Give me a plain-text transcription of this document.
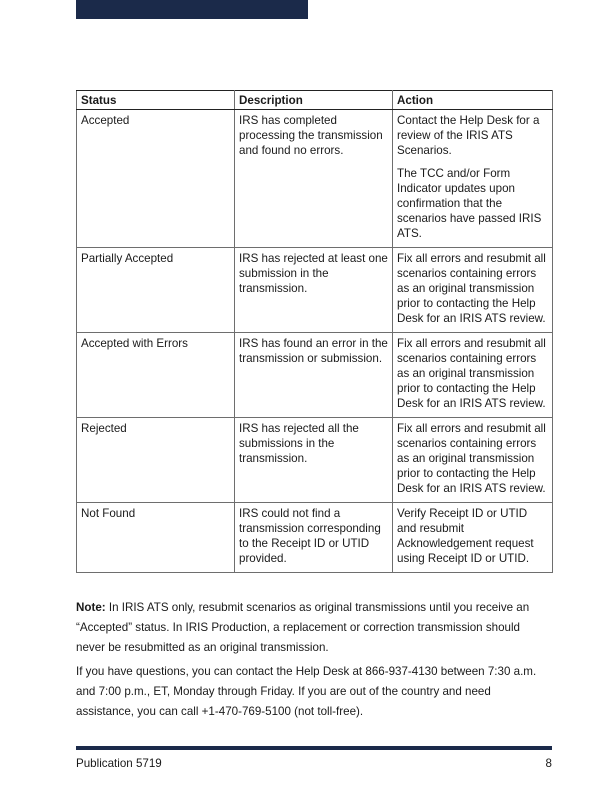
Status	Description	Action
Accepted	IRS has completed processing the transmission and found no errors.	Contact the Help Desk for a review of the IRIS ATS Scenarios.

The TCC and/or Form Indicator updates upon confirmation that the scenarios have passed IRIS ATS.

Partially Accepted	IRS has rejected at least one submission in the transmission.	Fix all errors and resubmit all scenarios containing errors as an original transmission prior to contacting the Help Desk for an IRIS ATS review.

Accepted with Errors	IRS has found an error in the transmission or submission.	Fix all errors and resubmit all scenarios containing errors as an original transmission prior to contacting the Help Desk for an IRIS ATS review.

Rejected	IRS has rejected all the submissions in the transmission.	Fix all errors and resubmit all scenarios containing errors as an original transmission prior to contacting the Help Desk for an IRIS ATS review.

Not Found	IRS could not find a transmission corresponding to the Receipt ID or UTID provided.	Verify Receipt ID or UTID and resubmit Acknowledgement request using Receipt ID or UTID.

Note: In IRIS ATS only, resubmit scenarios as original transmissions until you receive an “Accepted” status. In IRIS Production, a replacement or correction transmission should never be resubmitted as an original transmission.

If you have questions, you can contact the Help Desk at 866-937-4130 between 7:30 a.m. and 7:00 p.m., ET, Monday through Friday. If you are out of the country and need assistance, you can call +1-470-769-5100 (not toll-free).

Publication 5719	8
